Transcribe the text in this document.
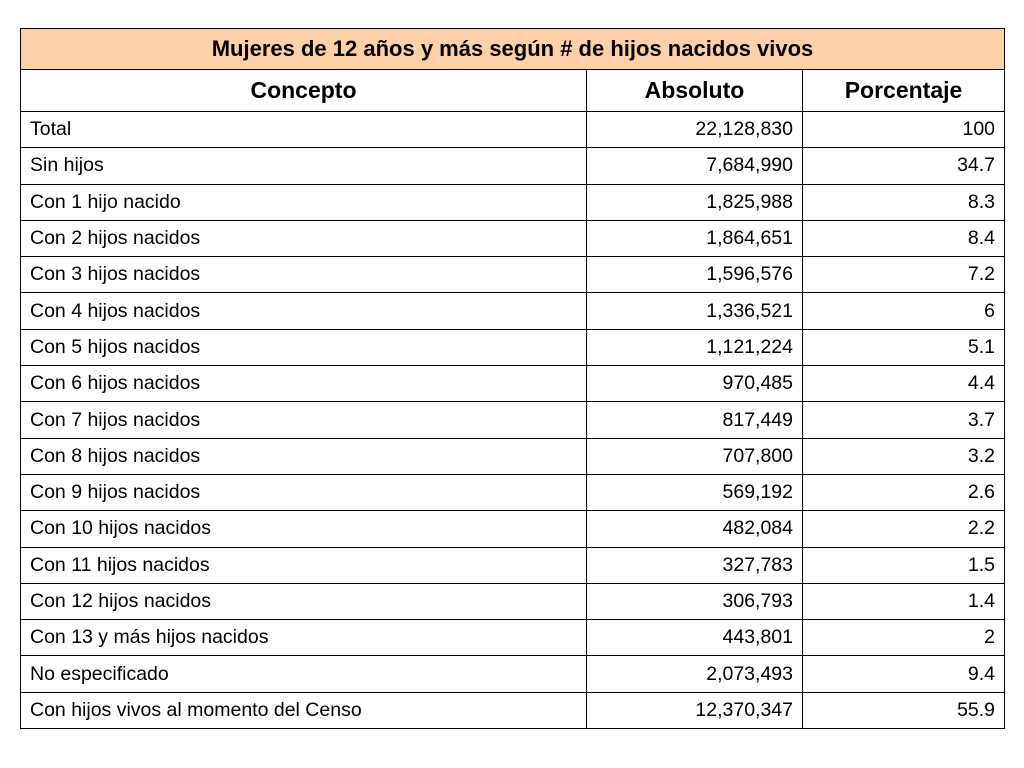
Mujeres de 12 años y más según # de hijos nacidos vivos		
Concepto	Absoluto	Porcentaje
Total	22,128,830	100
Sin hijos	7,684,990	34.7
Con 1 hijo nacido	1,825,988	8.3
Con 2 hijos nacidos	1,864,651	8.4
Con 3 hijos nacidos	1,596,576	7.2
Con 4 hijos nacidos	1,336,521	6
Con 5 hijos nacidos	1,121,224	5.1
Con 6 hijos nacidos	970,485	4.4
Con 7 hijos nacidos	817,449	3.7
Con 8 hijos nacidos	707,800	3.2
Con 9 hijos nacidos	569,192	2.6
Con 10 hijos nacidos	482,084	2.2
Con 11 hijos nacidos	327,783	1.5
Con 12 hijos nacidos	306,793	1.4
Con 13 y más hijos nacidos	443,801	2
No especificado	2,073,493	9.4
Con hijos vivos al momento del Censo	12,370,347	55.9
